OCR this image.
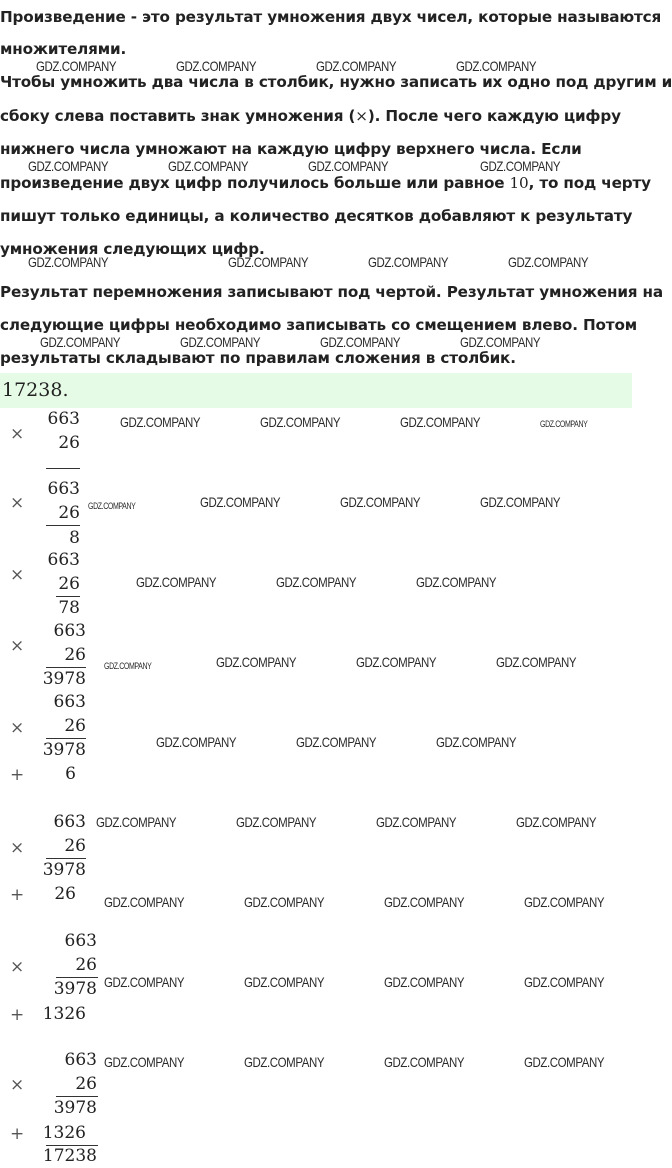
Произведение - это результат умножения двух чисел, которые называются
множителями.
Чтобы умножить два числа в столбик, нужно записать их одно под другим и
сбоку слева поставить знак умножения (×). После чего каждую цифру
нижнего числа умножают на каждую цифру верхнего числа. Если
произведение двух цифр получилось больше или равное 10, то под черту
пишут только единицы, а количество десятков добавляют к результату
умножения следующих цифр.
Результат перемножения записывают под чертой. Результат умножения на
следующие цифры необходимо записывать со смещением влево. Потом
результаты складывают по правилам сложения в столбик.
17238.
×
663
26
×
663
26
8
×
663
26
78
×
663
26
3978
×
663
26
3978
+	6
×
663
26
3978
+	26
×
663
26
3978
+	1326
×
663
26
3978
+	1326
17238
GDZ.COMPANY	GDZ.COMPANY	GDZ.COMPANY	GDZ.COMPANY
GDZ.COMPANY	GDZ.COMPANY	GDZ.COMPANY	GDZ.COMPANY
GDZ.COMPANY	GDZ.COMPANY	GDZ.COMPANY	GDZ.COMPANY
GDZ.COMPANY	GDZ.COMPANY	GDZ.COMPANY	GDZ.COMPANY
GDZ.COMPANY	GDZ.COMPANY	GDZ.COMPANY	GDZ.COMPANY
GDZ.COMPANY	GDZ.COMPANY	GDZ.COMPANY	GDZ.COMPANY
GDZ.COMPANY	GDZ.COMPANY	GDZ.COMPANY
GDZ.COMPANY	GDZ.COMPANY	GDZ.COMPANY	GDZ.COMPANY
GDZ.COMPANY	GDZ.COMPANY	GDZ.COMPANY
GDZ.COMPANY	GDZ.COMPANY	GDZ.COMPANY	GDZ.COMPANY
GDZ.COMPANY	GDZ.COMPANY	GDZ.COMPANY	GDZ.COMPANY
GDZ.COMPANY	GDZ.COMPANY	GDZ.COMPANY	GDZ.COMPANY
GDZ.COMPANY	GDZ.COMPANY	GDZ.COMPANY	GDZ.COMPANY
